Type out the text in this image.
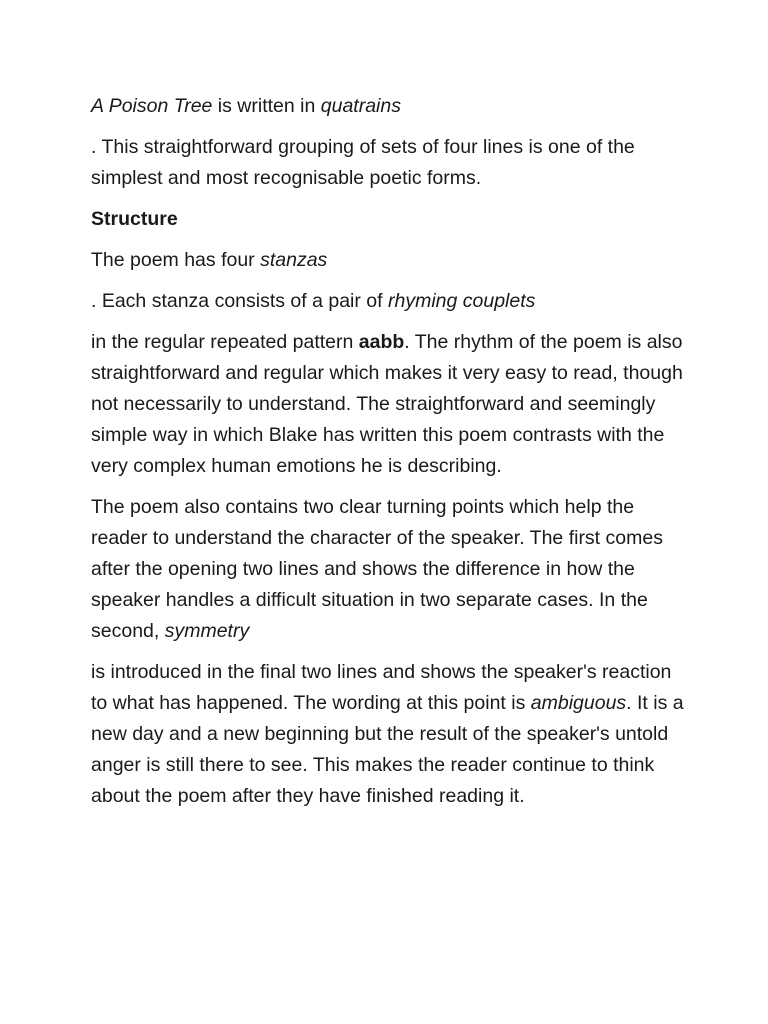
A Poison Tree is written in quatrains

. This straightforward grouping of sets of four lines is one of the simplest and most recognisable poetic forms.

Structure

The poem has four stanzas

. Each stanza consists of a pair of rhyming couplets

in the regular repeated pattern aabb. The rhythm of the poem is also straightforward and regular which makes it very easy to read, though not necessarily to understand. The straightforward and seemingly simple way in which Blake has written this poem contrasts with the very complex human emotions he is describing.

The poem also contains two clear turning points which help the reader to understand the character of the speaker. The first comes after the opening two lines and shows the difference in how the speaker handles a difficult situation in two separate cases. In the second, symmetry

is introduced in the final two lines and shows the speaker's reaction to what has happened. The wording at this point is ambiguous. It is a new day and a new beginning but the result of the speaker's untold anger is still there to see. This makes the reader continue to think about the poem after they have finished reading it.
